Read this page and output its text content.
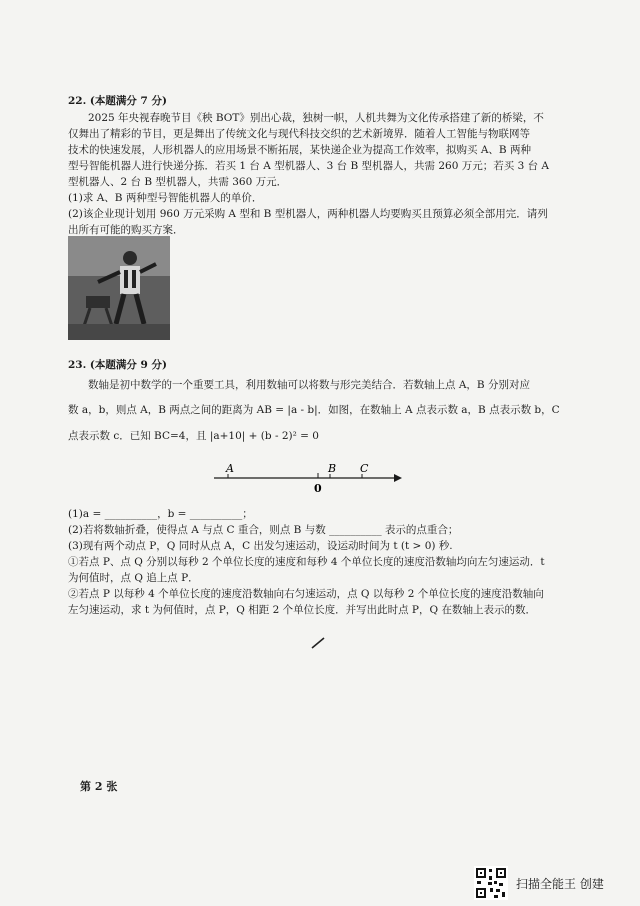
22. (本题满分 7 分)
2025 年央视春晚节目《秧 BOT》别出心裁，独树一帜，人机共舞为文化传承搭建了新的桥梁，不
仅舞出了精彩的节目，更是舞出了传统文化与现代科技交织的艺术新境界．随着人工智能与物联网等
技术的快速发展，人形机器人的应用场景不断拓展，某快递企业为提高工作效率，拟购买 A、B 两种
型号智能机器人进行快递分拣．若买 1 台 A 型机器人、3 台 B 型机器人，共需 260 万元；若买 3 台 A
型机器人、2 台 B 型机器人，共需 360 万元．
(1)求 A、B 两种型号智能机器人的单价．
(2)该企业现计划用 960 万元采购 A 型和 B 型机器人，两种机器人均要购买且预算必须全部用完．请列
出所有可能的购买方案．
23. (本题满分 9 分)
数轴是初中数学的一个重要工具，利用数轴可以将数与形完美结合．若数轴上点 A，B 分别对应
数 a，b，则点 A，B 两点之间的距离为 AB = |a - b|．如图，在数轴上 A 点表示数 a，B 点表示数 b，C
点表示数 c．已知 BC=4，且 |a+10| + (b - 2)² = 0
A	B C
0
(1)a = __________，b = __________；
(2)若将数轴折叠，使得点 A 与点 C 重合，则点 B 与数 __________ 表示的点重合；
(3)现有两个动点 P，Q 同时从点 A，C 出发匀速运动，设运动时间为 t (t > 0) 秒.
①若点 P、点 Q 分别以每秒 2 个单位长度的速度和每秒 4 个单位长度的速度沿数轴均向左匀速运动．t
为何值时，点 Q 追上点 P．
②若点 P 以每秒 4 个单位长度的速度沿数轴向右匀速运动，点 Q 以每秒 2 个单位长度的速度沿数轴向
左匀速运动，求 t 为何值时，点 P，Q 相距 2 个单位长度．并写出此时点 P，Q 在数轴上表示的数．
第 2 张
扫描全能王 创建
